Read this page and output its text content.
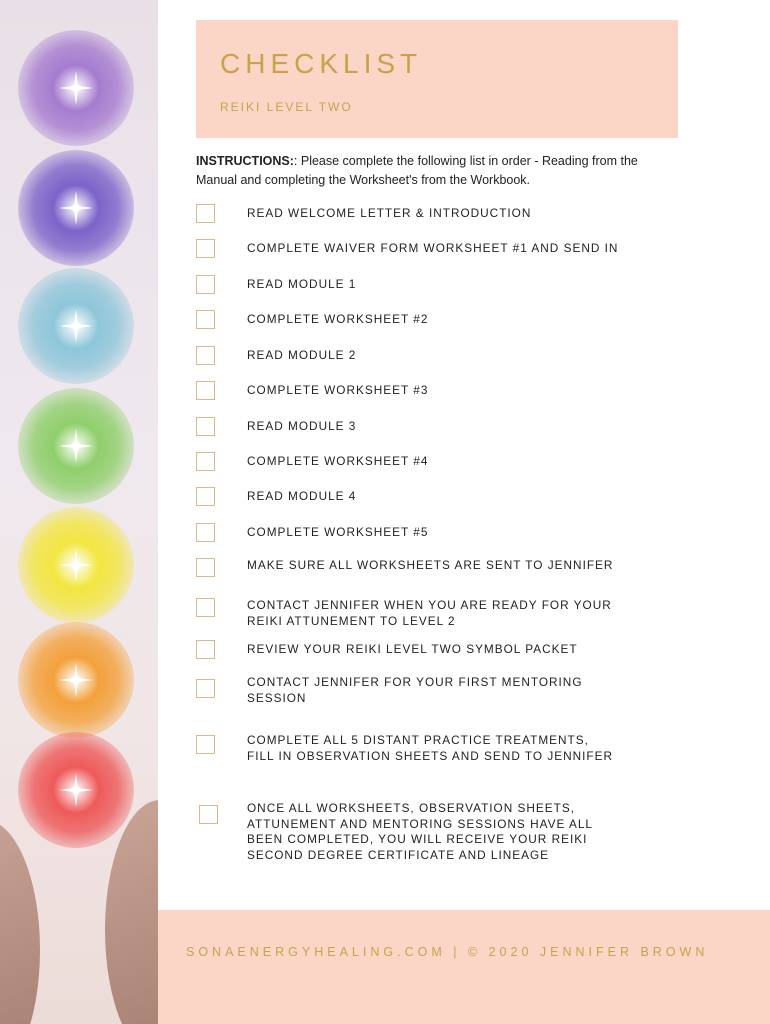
CHECKLIST
REIKI LEVEL TWO
INSTRUCTIONS:: Please complete the following list in order - Reading from the Manual and completing the Worksheet's from the Workbook.
READ WELCOME LETTER & INTRODUCTION
COMPLETE WAIVER FORM WORKSHEET #1 AND SEND IN
READ MODULE 1
COMPLETE WORKSHEET #2
READ MODULE 2
COMPLETE WORKSHEET #3
READ MODULE 3
COMPLETE WORKSHEET #4
READ MODULE 4
COMPLETE WORKSHEET #5
MAKE SURE ALL WORKSHEETS ARE SENT TO JENNIFER
CONTACT JENNIFER WHEN YOU ARE READY FOR YOUR REIKI ATTUNEMENT TO LEVEL 2
REVIEW YOUR REIKI LEVEL TWO SYMBOL PACKET
CONTACT JENNIFER FOR YOUR FIRST MENTORING SESSION
COMPLETE ALL 5 DISTANT PRACTICE TREATMENTS, FILL IN OBSERVATION SHEETS AND SEND TO JENNIFER
ONCE ALL WORKSHEETS, OBSERVATION SHEETS, ATTUNEMENT AND MENTORING SESSIONS HAVE ALL BEEN COMPLETED, YOU WILL RECEIVE YOUR REIKI SECOND DEGREE CERTIFICATE AND LINEAGE
SONAENERGYHEALING.COM | © 2020 JENNIFER BROWN
